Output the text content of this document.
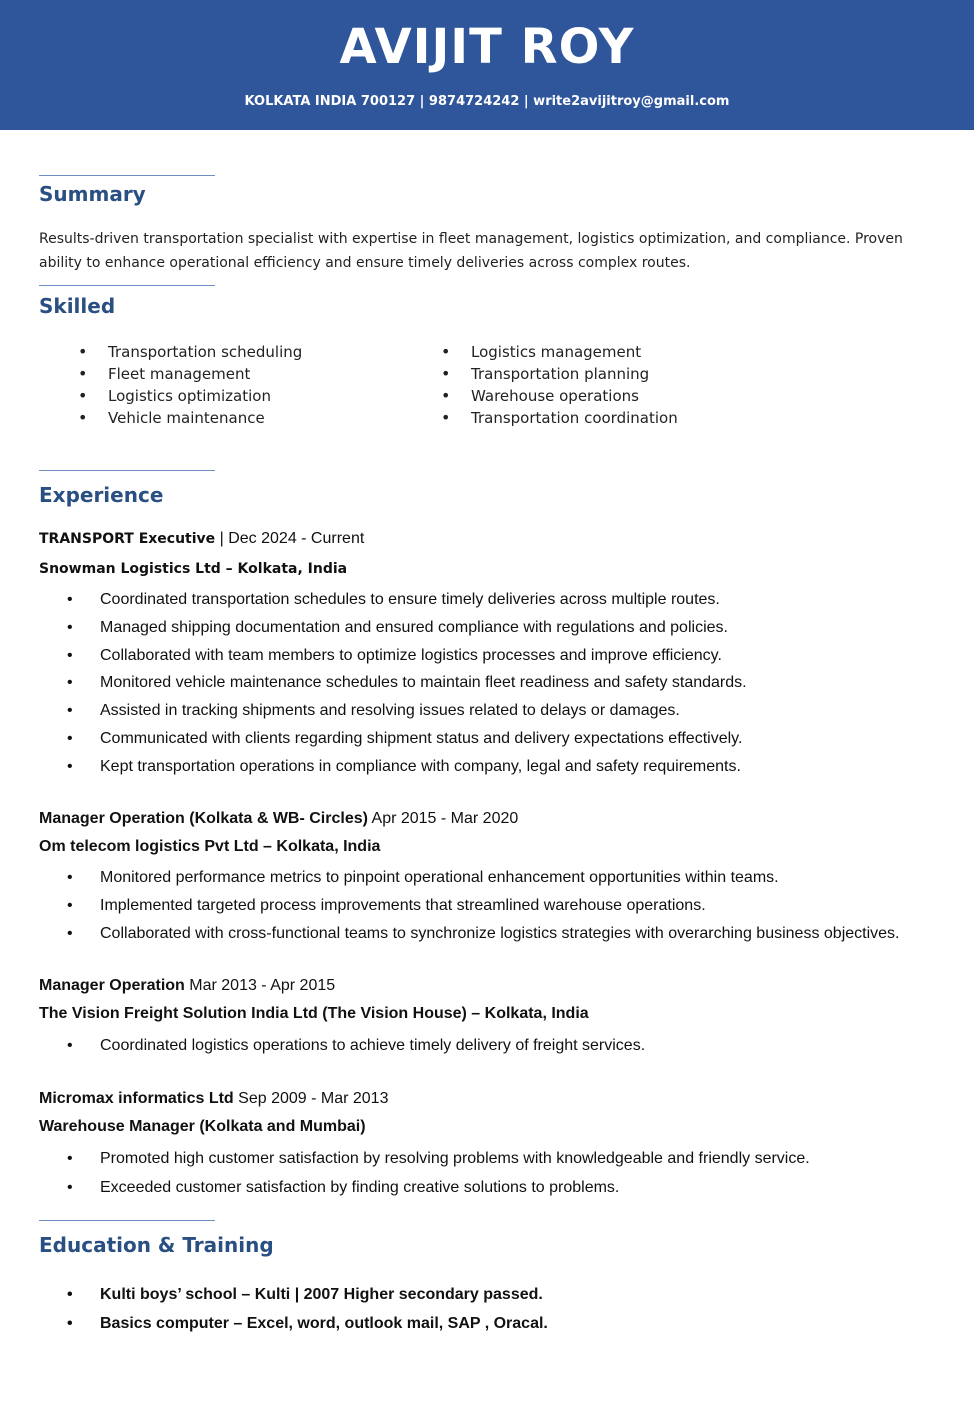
AVIJIT ROY
KOLKATA INDIA 700127 | 9874724242 | write2avijitroy@gmail.com
Summary
Results-driven transportation specialist with expertise in fleet management, logistics optimization, and compliance. Proven ability to enhance operational efficiency and ensure timely deliveries across complex routes.
Skilled
• Transportation scheduling
• Fleet management
• Logistics optimization
• Vehicle maintenance
• Logistics management
• Transportation planning
• Warehouse operations
• Transportation coordination
Experience
TRANSPORT Executive | Dec 2024 - Current
Snowman Logistics Ltd – Kolkata, India
• Coordinated transportation schedules to ensure timely deliveries across multiple routes.
• Managed shipping documentation and ensured compliance with regulations and policies.
• Collaborated with team members to optimize logistics processes and improve efficiency.
• Monitored vehicle maintenance schedules to maintain fleet readiness and safety standards.
• Assisted in tracking shipments and resolving issues related to delays or damages.
• Communicated with clients regarding shipment status and delivery expectations effectively.
• Kept transportation operations in compliance with company, legal and safety requirements.
Manager Operation (Kolkata & WB- Circles) Apr 2015 - Mar 2020
Om telecom logistics Pvt Ltd – Kolkata, India
• Monitored performance metrics to pinpoint operational enhancement opportunities within teams.
• Implemented targeted process improvements that streamlined warehouse operations.
• Collaborated with cross-functional teams to synchronize logistics strategies with overarching business objectives.
Manager Operation Mar 2013 - Apr 2015
The Vision Freight Solution India Ltd (The Vision House) – Kolkata, India
• Coordinated logistics operations to achieve timely delivery of freight services.
Micromax informatics Ltd Sep 2009 - Mar 2013
Warehouse Manager (Kolkata and Mumbai)
• Promoted high customer satisfaction by resolving problems with knowledgeable and friendly service.
• Exceeded customer satisfaction by finding creative solutions to problems.
Education & Training
• Kulti boys’ school – Kulti | 2007 Higher secondary passed.
• Basics computer – Excel, word, outlook mail, SAP , Oracal.
